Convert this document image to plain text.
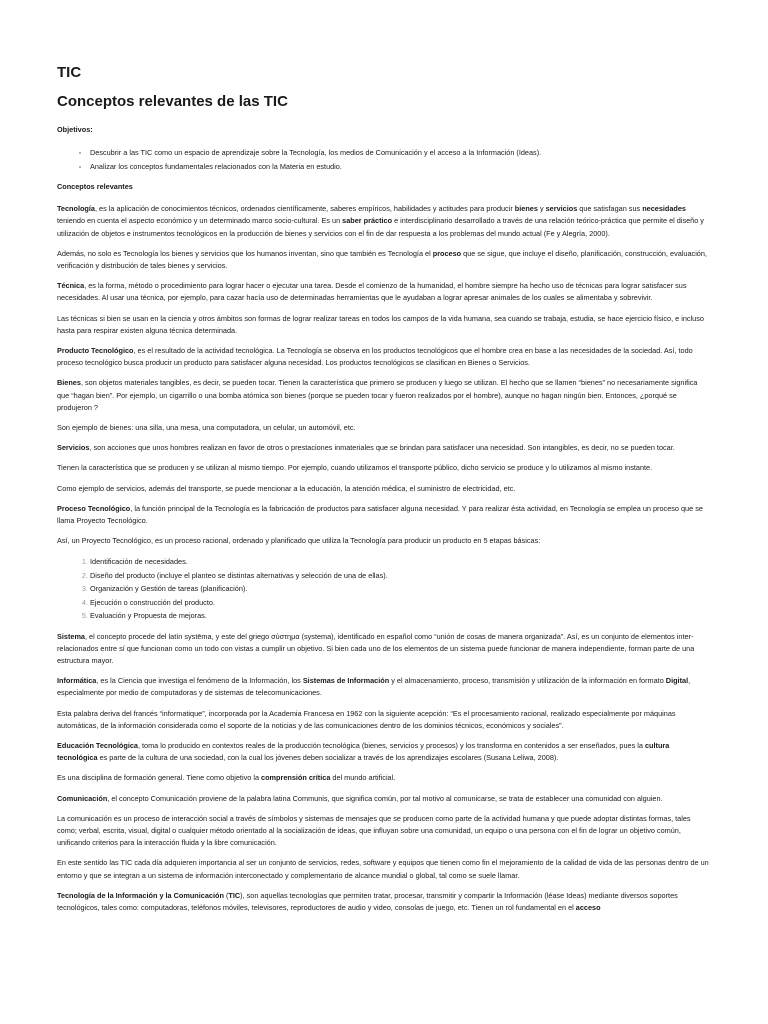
TIC
Conceptos relevantes de las TIC

Objetivos:

• Descubrir a las TIC como un espacio de aprendizaje sobre la Tecnología, los medios de Comunicación y el acceso a la Información (Ideas).
• Analizar los conceptos fundamentales relacionados con la Materia en estudio.

Conceptos relevantes

Tecnología, es la aplicación de conocimientos técnicos, ordenados científicamente, saberes empíricos, habilidades y actitudes para producir bienes y servicios que satisfagan sus necesidades teniendo en cuenta el aspecto económico y un determinado marco socio-cultural. Es un saber práctico e interdisciplinario desarrollado a través de una relación teórico-práctica que permite el diseño y utilización de objetos e instrumentos tecnológicos en la producción de bienes y servicios con el fin de dar respuesta a los problemas del mundo actual (Fe y Alegría, 2000).

Además, no solo es Tecnología los bienes y servicios que los humanos inventan, sino que también es Tecnología el proceso que se sigue, que incluye el diseño, planificación, construcción, evaluación, verificación y distribución de tales bienes y servicios.

Técnica, es la forma, método o procedimiento para lograr hacer o ejecutar una tarea. Desde el comienzo de la humanidad, el hombre siempre ha hecho uso de técnicas para lograr satisfacer sus necesidades. Al usar una técnica, por ejemplo, para cazar hacía uso de determinadas herramientas que le ayudaban a lograr apresar animales de los cuales se alimentaba y sobrevivir.

Las técnicas si bien se usan en la ciencia y otros ámbitos son formas de lograr realizar tareas en todos los campos de la vida humana, sea cuando se trabaja, estudia, se hace ejercicio físico, e incluso hasta para respirar existen alguna técnica determinada.

Producto Tecnológico, es el resultado de la actividad tecnológica. La Tecnología se observa en los productos tecnológicos que el hombre crea en base a las necesidades de la sociedad. Así, todo proceso tecnológico busca producir un producto para satisfacer alguna necesidad. Los productos tecnológicos se clasifican en Bienes o Servicios.

Bienes, son objetos materiales tangibles, es decir, se pueden tocar. Tienen la característica que primero se producen y luego se utilizan. El hecho que se llamen “bienes” no necesariamente significa que “hagan bien”. Por ejemplo, un cigarrillo o una bomba atómica son bienes (porque se pueden tocar y fueron realizados por el hombre), aunque no hagan ningún bien. Entonces, ¿porqué se produjeron ?

Son ejemplo de bienes: una silla, una mesa, una computadora, un celular, un automóvil, etc.

Servicios, son acciones que unos hombres realizan en favor de otros o prestaciones inmateriales que se brindan para satisfacer una necesidad. Son intangibles, es decir, no se pueden tocar.

Tienen la característica que se producen y se utilizan al mismo tiempo. Por ejemplo, cuando utilizamos el transporte público, dicho servicio se produce y lo utilizamos al mismo instante.

Como ejemplo de servicios, además del transporte, se puede mencionar a la educación, la atención médica, el suministro de electricidad, etc.

Proceso Tecnológico, la función principal de la Tecnología es la fabricación de productos para satisfacer alguna necesidad. Y para realizar ésta actividad, en Tecnología se emplea un proceso que se llama Proyecto Tecnológico.

Así, un Proyecto Tecnológico, es un proceso racional, ordenado y planificado que utiliza la Tecnología para producir un producto en 5 etapas básicas:

1. Identificación de necesidades.
2. Diseño del producto (incluye el planteo se distintas alternativas y selección de una de ellas).
3. Organización y Gestión de tareas (planificación).
4. Ejecución o construcción del producto.
5. Evaluación y Propuesta de mejoras.

Sistema, el concepto procede del latín systēma, y este del griego σύστημα (systema), identificado en español como “unión de cosas de manera organizada”. Así, es un conjunto de elementos inter-relacionados entre sí que funcionan como un todo con vistas a cumplir un objetivo. Si bien cada uno de los elementos de un sistema puede funcionar de manera independiente, forman parte de una estructura mayor.

Informática, es la Ciencia que investiga el fenómeno de la Información, los Sistemas de Información y el almacenamiento, proceso, transmisión y utilización de la información en formato Digital, especialmente por medio de computadoras y de sistemas de telecomunicaciones.

Esta palabra deriva del francés “informatique”, incorporada por la Academia Francesa en 1962 con la siguiente acepción: “Es el procesamiento racional, realizado especialmente por máquinas automáticas, de la información considerada como el soporte de la noticias y de las comunicaciones dentro de los dominios técnicos, económicos y sociales”.

Educación Tecnológica, toma lo producido en contextos reales de la producción tecnológica (bienes, servicios y procesos) y los transforma en contenidos a ser enseñados, pues la cultura tecnológica es parte de la cultura de una sociedad, con la cual los jóvenes deben socializar a través de los aprendizajes escolares (Susana Leliwa, 2008).

Es una disciplina de formación general. Tiene como objetivo la comprensión crítica del mundo artificial.

Comunicación, el concepto Comunicación proviene de la palabra latina Communis, que significa común, por tal motivo al comunicarse, se trata de establecer una comunidad con alguien.

La comunicación es un proceso de interacción social a través de símbolos y sistemas de mensajes que se producen como parte de la actividad humana y que puede adoptar distintas formas, tales como; verbal, escrita, visual, digital o cualquier método orientado al la socialización de ideas, que influyan sobre una comunidad, un equipo o una persona con el fin de lograr un objetivo común, unificando criterios para la interacción fluida y la libre comunicación.

En este sentido las TIC cada día adquieren importancia al ser un conjunto de servicios, redes, software y equipos que tienen como fin el mejoramiento de la calidad de vida de las personas dentro de un entorno y que se integran a un sistema de información interconectado y complementario de alcance mundial o global, tal como se suele llamar.

Tecnología de la Información y la Comunicación (TIC), son aquellas tecnologías que permiten tratar, procesar, transmitir y compartir la Información (léase Ideas) mediante diversos soportes tecnológicos, tales como: computadoras, teléfonos móviles, televisores, reproductores de audio y video, consolas de juego, etc. Tienen un rol fundamental en el acceso
